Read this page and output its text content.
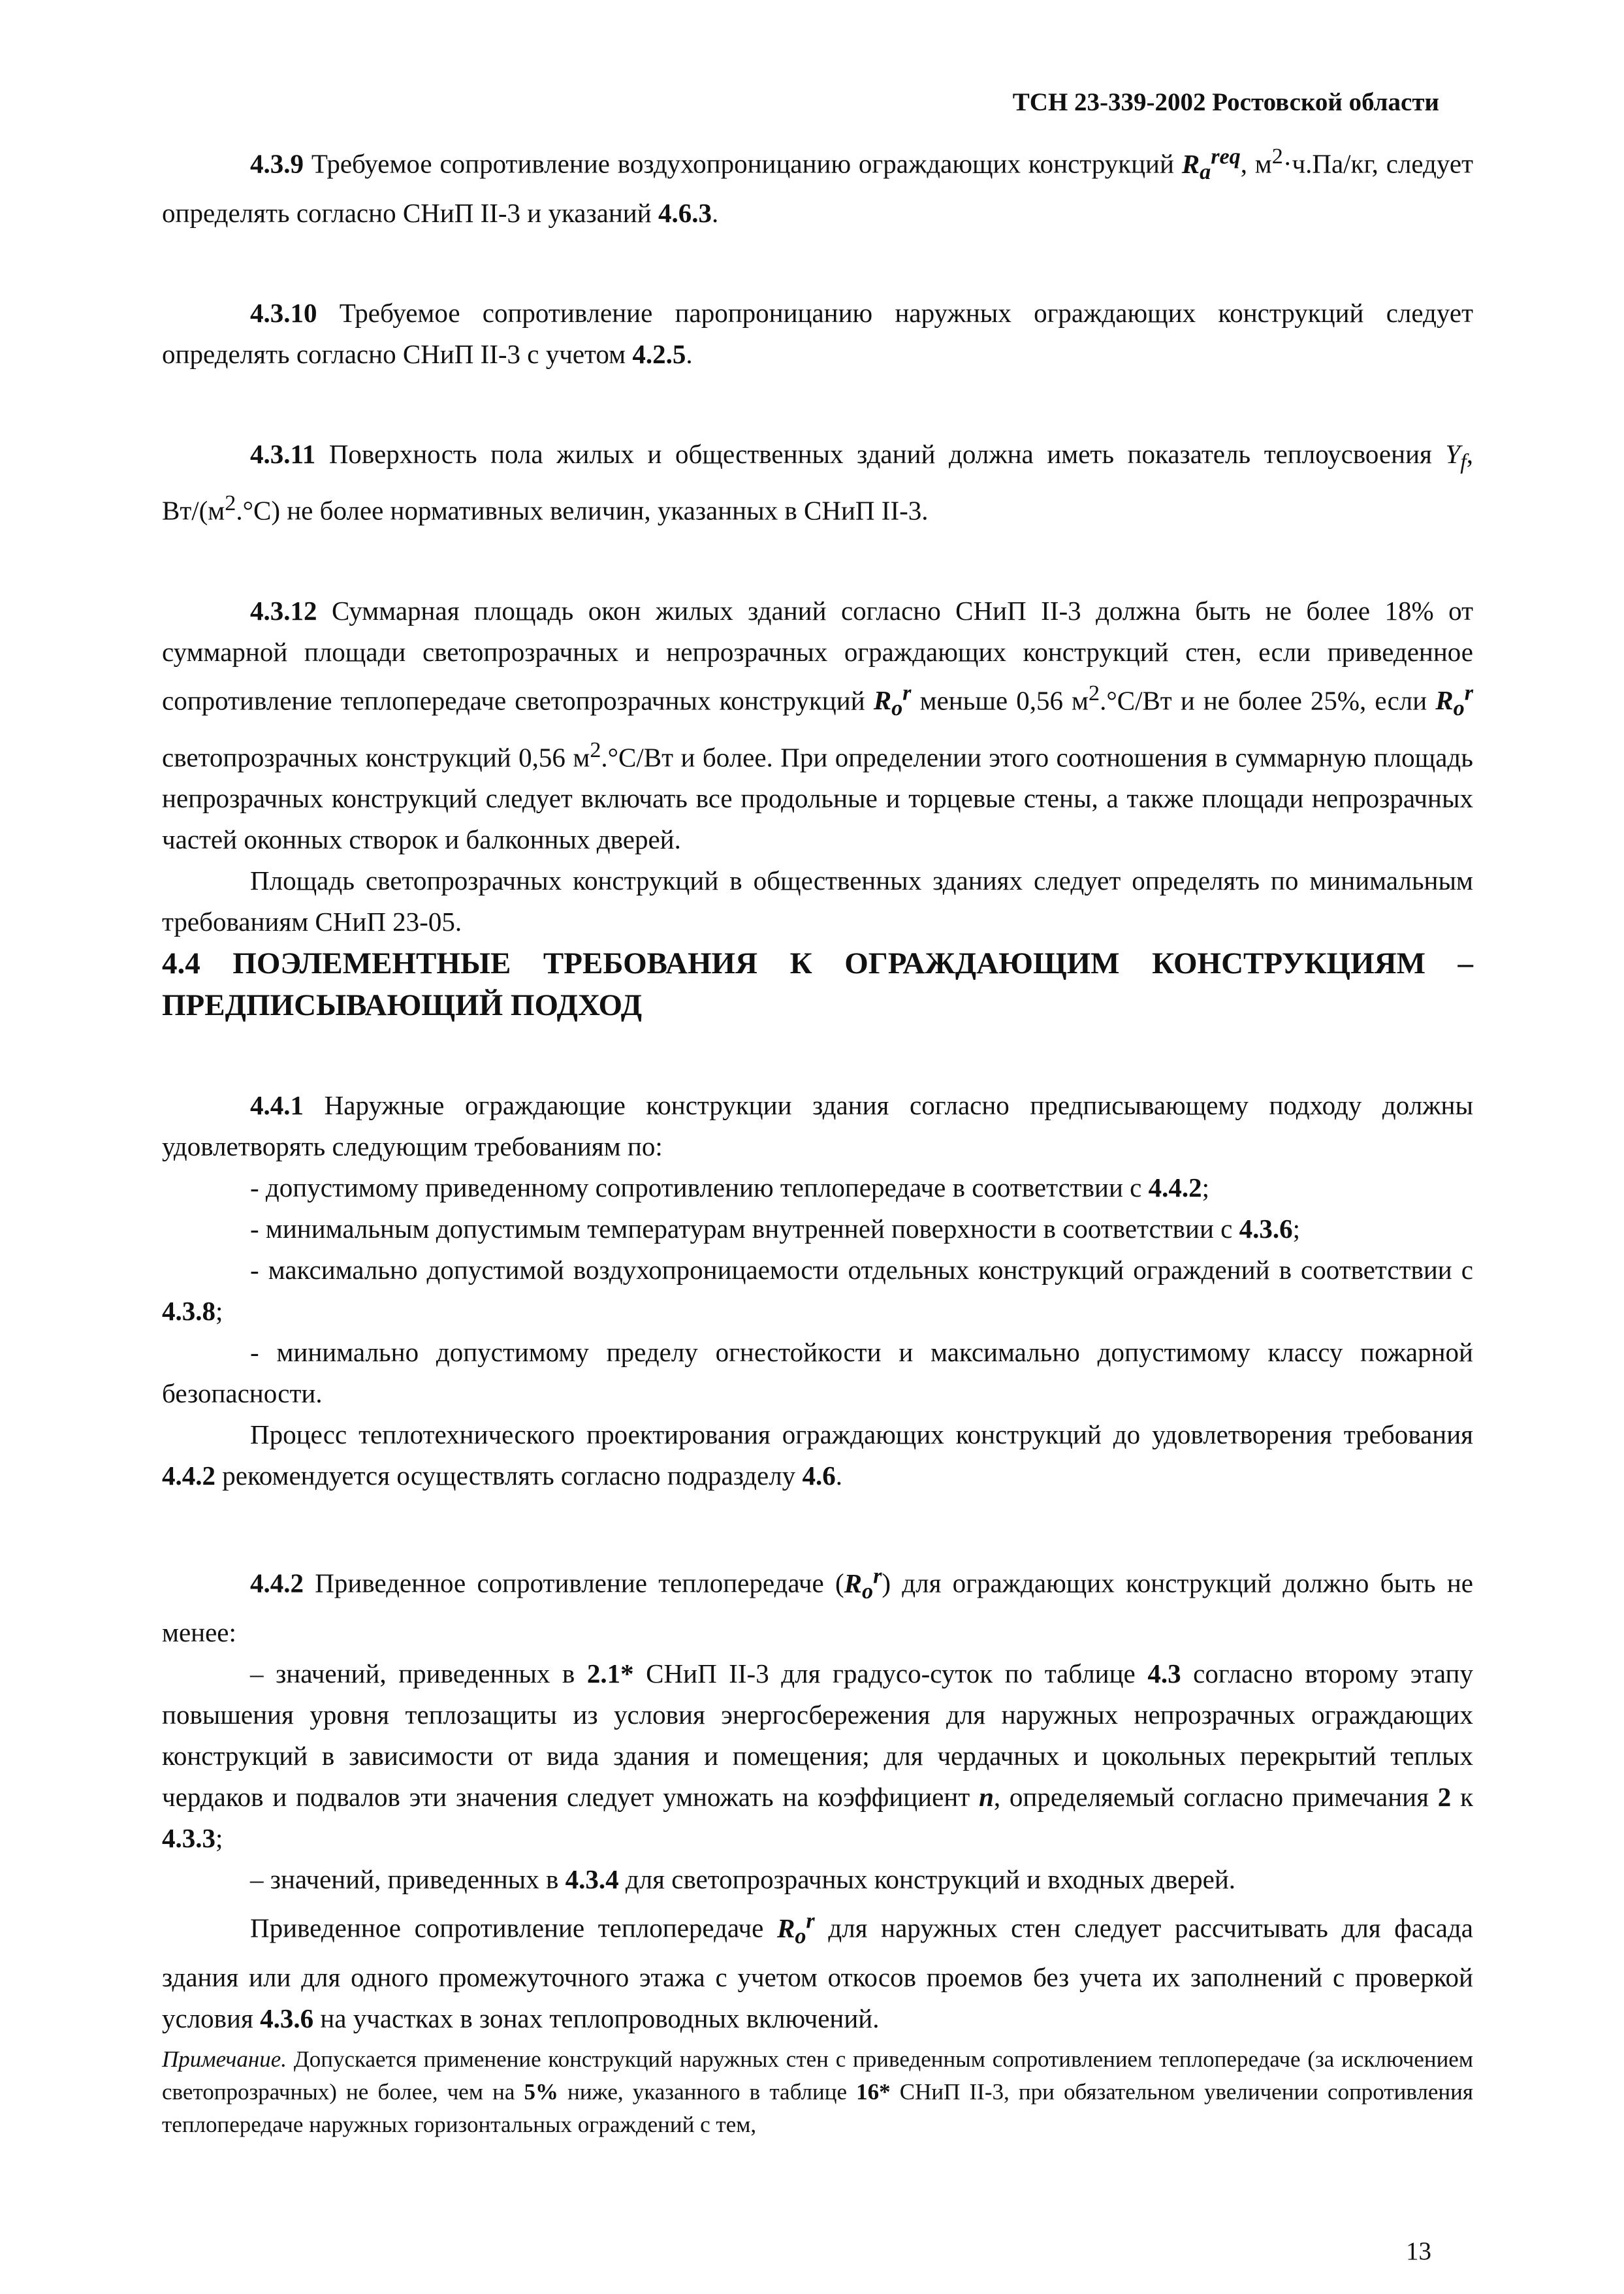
ТСН 23-339-2002 Ростовской области

4.3.9 Требуемое сопротивление воздухопроницанию ограждающих конструкций $R_a^{req}$, $м^2\cdot ч.Па/кг$, следует определять согласно СНиП II-3 и указаний 4.6.3.

4.3.10 Требуемое сопротивление паропроницанию наружных ограждающих конструкций следует определять согласно СНиП II-3 с учетом 4.2.5.

4.3.11 Поверхность пола жилых и общественных зданий должна иметь показатель теплоусвоения $Y_f$, $Вт/(м^2.^\circ С)$ не более нормативных величин, указанных в СНиП II-3.

4.3.12 Суммарная площадь окон жилых зданий согласно СНиП II-3 должна быть не более 18% от суммарной площади светопрозрачных и непрозрачных ограждающих конструкций стен, если приведенное сопротивление теплопередаче светопрозрачных конструкций $R_o^r$ меньше 0,56 $м^2.^\circ С/Вт$ и не более 25%, если $R_o^r$ светопрозрачных конструкций 0,56 $м^2.^\circ С/Вт$ и более. При определении этого соотношения в суммарную площадь непрозрачных конструкций следует включать все продольные и торцевые стены, а также площади непрозрачных частей оконных створок и балконных дверей.

Площадь светопрозрачных конструкций в общественных зданиях следует определять по минимальным требованиям СНиП 23-05.

4.4 ПОЭЛЕМЕНТНЫЕ ТРЕБОВАНИЯ К ОГРАЖДАЮЩИМ КОНСТРУКЦИЯМ – ПРЕДПИСЫВАЮЩИЙ ПОДХОД

4.4.1 Наружные ограждающие конструкции здания согласно предписывающему подходу должны удовлетворять следующим требованиям по:

- допустимому приведенному сопротивлению теплопередаче в соответствии с 4.4.2;

- минимальным допустимым температурам внутренней поверхности в соответствии с 4.3.6;

- максимально допустимой воздухопроницаемости отдельных конструкций ограждений в соответствии с 4.3.8;

- минимально допустимому пределу огнестойкости и максимально допустимому классу пожарной безопасности.

Процесс теплотехнического проектирования ограждающих конструкций до удовлетворения требования 4.4.2 рекомендуется осуществлять согласно подразделу 4.6.

4.4.2 Приведенное сопротивление теплопередаче $(R_o^r)$ для ограждающих конструкций должно быть не менее:

– значений, приведенных в 2.1* СНиП II-3 для градусо-суток по таблице 4.3 согласно второму этапу повышения уровня теплозащиты из условия энергосбережения для наружных непрозрачных ограждающих конструкций в зависимости от вида здания и помещения; для чердачных и цокольных перекрытий теплых чердаков и подвалов эти значения следует умножать на коэффициент n, определяемый согласно примечания 2 к 4.3.3;

– значений, приведенных в 4.3.4 для светопрозрачных конструкций и входных дверей.

Приведенное сопротивление теплопередаче $R_o^r$ для наружных стен следует рассчитывать для фасада здания или для одного промежуточного этажа с учетом откосов проемов без учета их заполнений с проверкой условия 4.3.6 на участках в зонах теплопроводных включений.

Примечание. Допускается применение конструкций наружных стен с приведенным сопротивлением теплопередаче (за исключением светопрозрачных) не более, чем на 5% ниже, указанного в таблице 16* СНиП II-3, при обязательном увеличении сопротивления теплопередаче наружных горизонтальных ограждений с тем,

13
